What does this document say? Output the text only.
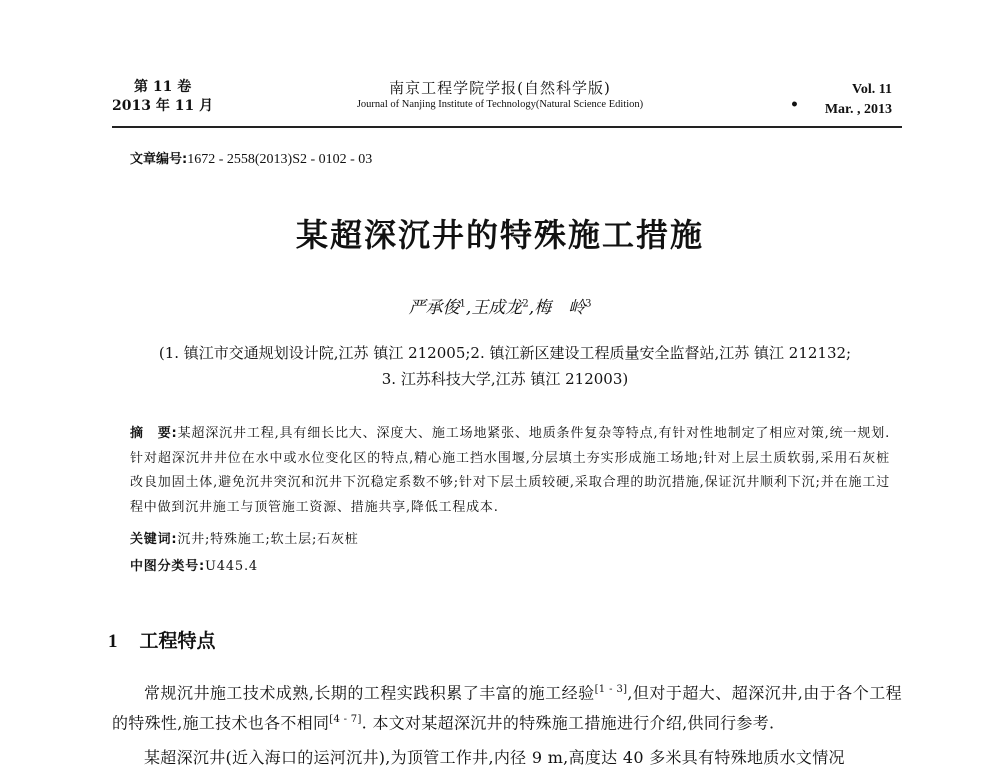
第 11 卷
2013 年 11 月
南京工程学院学报(自然科学版)
Journal of Nanjing Institute of Technology(Natural Science Edition)	•
Vol. 11
Mar. , 2013
文章编号:1672 - 2558(2013)S2 - 0102 - 03
某超深沉井的特殊施工措施
严承俊$^1$,王成龙$^2$,梅　岭$^3$
(1. 镇江市交通规划设计院,江苏 镇江 212005;2. 镇江新区建设工程质量安全监督站,江苏 镇江 212132;
3. 江苏科技大学,江苏 镇江 212003)
摘　要:某超深沉井工程,具有细长比大、深度大、施工场地紧张、地质条件复杂等特点,有针对性地制定了相应对策,统一规划. 针对超深沉井井位在水中或水位变化区的特点,精心施工挡水围堰,分层填土夯实形成施工场地;针对上层土质软弱,采用石灰桩改良加固土体,避免沉井突沉和沉井下沉稳定系数不够;针对下层土质较硬,采取合理的助沉措施,保证沉井顺利下沉;并在施工过程中做到沉井施工与顶管施工资源、措施共享,降低工程成本.
关键词:沉井;特殊施工;软土层;石灰桩
中图分类号:U445.4
1 工程特点

常规沉井施工技术成熟,长期的工程实践积累了丰富的施工经验[1 - 3],但对于超大、超深沉井,由于各个工程的特殊性,施工技术也各不相同[4 - 7]. 本文对某超深沉井的特殊施工措施进行介绍,供同行参考.

某超深沉井(近入海口的运河沉井),为顶管工作井,内径 9 m,高度达 40 多米具有特殊地质水文情况
